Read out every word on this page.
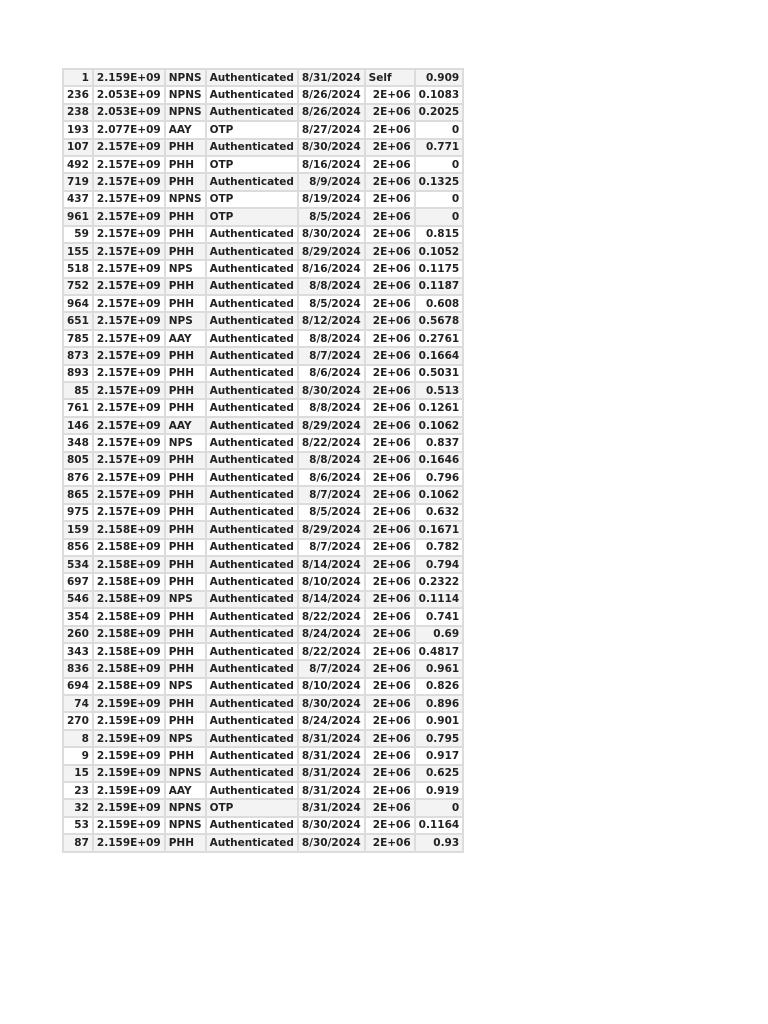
1	2.159E+09	NPNS	Authenticated	8/31/2024	Self	0.909
236	2.053E+09	NPNS	Authenticated	8/26/2024	2E+06	0.1083
238	2.053E+09	NPNS	Authenticated	8/26/2024	2E+06	0.2025
193	2.077E+09	AAY	OTP	8/27/2024	2E+06	0
107	2.157E+09	PHH	Authenticated	8/30/2024	2E+06	0.771
492	2.157E+09	PHH	OTP	8/16/2024	2E+06	0
719	2.157E+09	PHH	Authenticated	8/9/2024	2E+06	0.1325
437	2.157E+09	NPNS	OTP	8/19/2024	2E+06	0
961	2.157E+09	PHH	OTP	8/5/2024	2E+06	0
59	2.157E+09	PHH	Authenticated	8/30/2024	2E+06	0.815
155	2.157E+09	PHH	Authenticated	8/29/2024	2E+06	0.1052
518	2.157E+09	NPS	Authenticated	8/16/2024	2E+06	0.1175
752	2.157E+09	PHH	Authenticated	8/8/2024	2E+06	0.1187
964	2.157E+09	PHH	Authenticated	8/5/2024	2E+06	0.608
651	2.157E+09	NPS	Authenticated	8/12/2024	2E+06	0.5678
785	2.157E+09	AAY	Authenticated	8/8/2024	2E+06	0.2761
873	2.157E+09	PHH	Authenticated	8/7/2024	2E+06	0.1664
893	2.157E+09	PHH	Authenticated	8/6/2024	2E+06	0.5031
85	2.157E+09	PHH	Authenticated	8/30/2024	2E+06	0.513
761	2.157E+09	PHH	Authenticated	8/8/2024	2E+06	0.1261
146	2.157E+09	AAY	Authenticated	8/29/2024	2E+06	0.1062
348	2.157E+09	NPS	Authenticated	8/22/2024	2E+06	0.837
805	2.157E+09	PHH	Authenticated	8/8/2024	2E+06	0.1646
876	2.157E+09	PHH	Authenticated	8/6/2024	2E+06	0.796
865	2.157E+09	PHH	Authenticated	8/7/2024	2E+06	0.1062
975	2.157E+09	PHH	Authenticated	8/5/2024	2E+06	0.632
159	2.158E+09	PHH	Authenticated	8/29/2024	2E+06	0.1671
856	2.158E+09	PHH	Authenticated	8/7/2024	2E+06	0.782
534	2.158E+09	PHH	Authenticated	8/14/2024	2E+06	0.794
697	2.158E+09	PHH	Authenticated	8/10/2024	2E+06	0.2322
546	2.158E+09	NPS	Authenticated	8/14/2024	2E+06	0.1114
354	2.158E+09	PHH	Authenticated	8/22/2024	2E+06	0.741
260	2.158E+09	PHH	Authenticated	8/24/2024	2E+06	0.69
343	2.158E+09	PHH	Authenticated	8/22/2024	2E+06	0.4817
836	2.158E+09	PHH	Authenticated	8/7/2024	2E+06	0.961
694	2.158E+09	NPS	Authenticated	8/10/2024	2E+06	0.826
74	2.159E+09	PHH	Authenticated	8/30/2024	2E+06	0.896
270	2.159E+09	PHH	Authenticated	8/24/2024	2E+06	0.901
8	2.159E+09	NPS	Authenticated	8/31/2024	2E+06	0.795
9	2.159E+09	PHH	Authenticated	8/31/2024	2E+06	0.917
15	2.159E+09	NPNS	Authenticated	8/31/2024	2E+06	0.625
23	2.159E+09	AAY	Authenticated	8/31/2024	2E+06	0.919
32	2.159E+09	NPNS	OTP	8/31/2024	2E+06	0
53	2.159E+09	NPNS	Authenticated	8/30/2024	2E+06	0.1164
87	2.159E+09	PHH	Authenticated	8/30/2024	2E+06	0.93
